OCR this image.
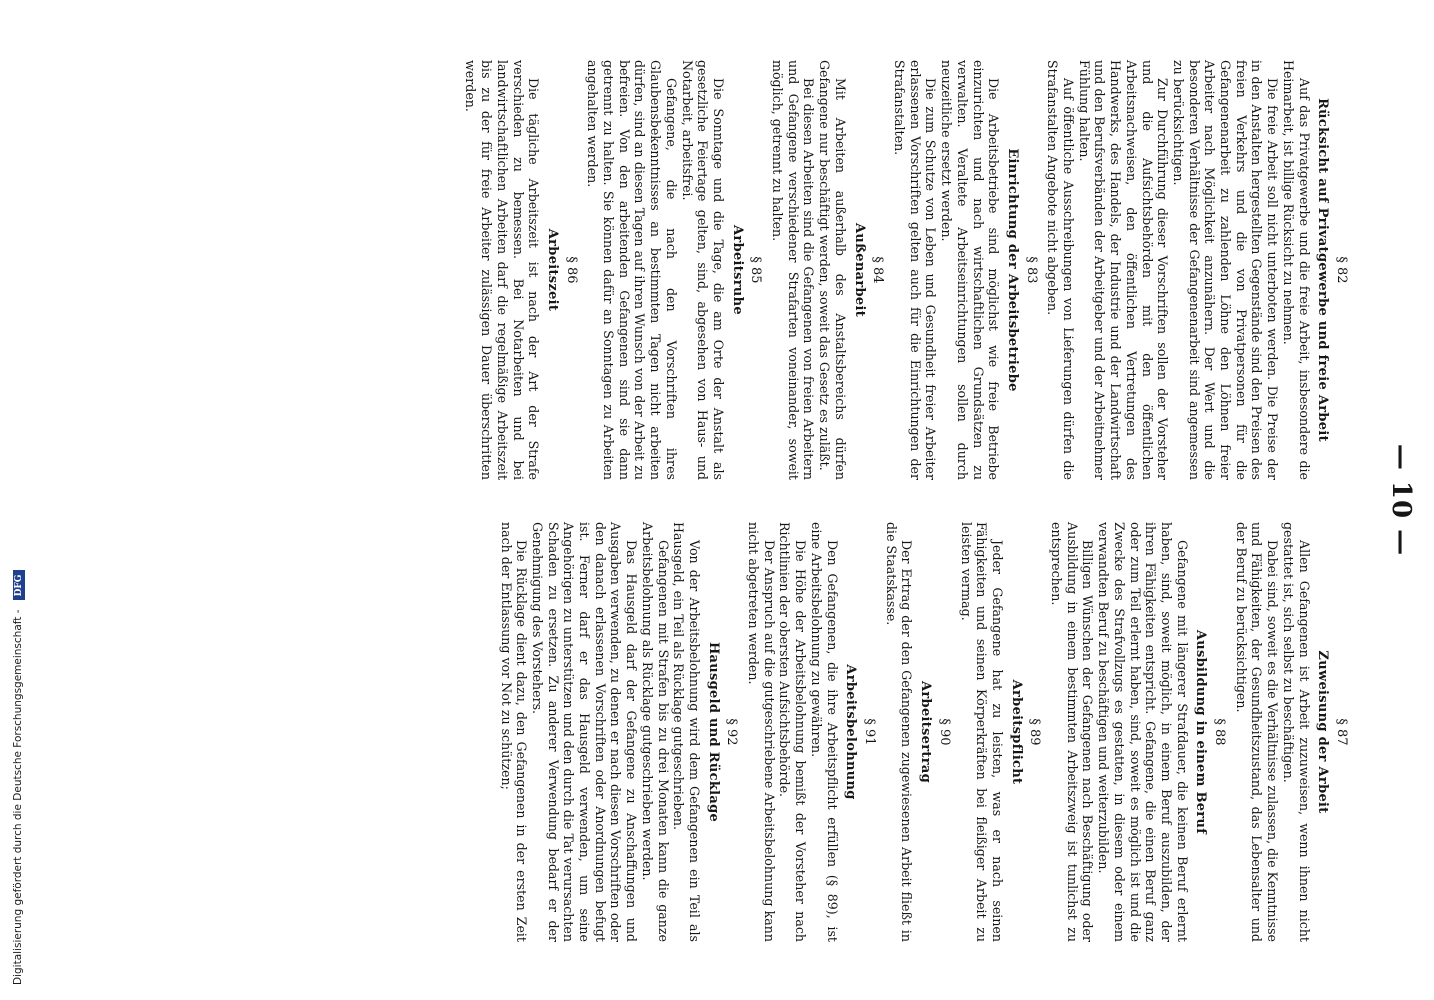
— 10 —
§ 82
Rücksicht auf Privatgewerbe und freie Arbeit

Auf das Privatgewerbe und die freie Arbeit, insbesondere die Heimarbeit, ist billige Rücksicht zu nehmen.

Die freie Arbeit soll nicht unterboten werden. Die Preise der in den Anstalten hergestellten Gegenstände sind den Preisen des freien Verkehrs und die von Privatpersonen für die Gefangenenarbeit zu zahlenden Löhne den Löhnen freier Arbeiter nach Möglichkeit anzunähern. Der Wert und die besonderen Verhältnisse der Gefangenenarbeit sind angemessen zu berücksichtigen.

Zur Durchführung dieser Vorschriften sollen der Vorsteher und die Aufsichtsbehörden mit den öffentlichen Arbeitsnachweisen, den öffentlichen Vertretungen des Handwerks, des Handels, der Industrie und der Landwirtschaft und den Berufsverbänden der Arbeitgeber und der Arbeitnehmer Fühlung halten.

Auf öffentliche Ausschreibungen von Lieferungen dürfen die Strafanstalten Angebote nicht abgeben.

§ 83
Einrichtung der Arbeitsbetriebe

Die Arbeitsbetriebe sind möglichst wie freie Betriebe einzurichten und nach wirtschaftlichen Grundsätzen zu verwalten. Veraltete Arbeitseinrichtungen sollen durch neuzeitliche ersetzt werden.

Die zum Schutze von Leben und Gesundheit freier Arbeiter erlassenen Vorschriften gelten auch für die Einrichtungen der Strafanstalten.

§ 84
Außenarbeit

Mit Arbeiten außerhalb des Anstaltsbereichs dürfen Gefangene nur beschäftigt werden, soweit das Gesetz es zuläßt.

Bei diesen Arbeiten sind die Gefangenen von freien Arbeitern und Gefangene verschiedener Strafarten voneinander, soweit möglich, getrennt zu halten.

§ 85
Arbeitsruhe

Die Sonntage und die Tage, die am Orte der Anstalt als gesetzliche Feiertage gelten, sind, abgesehen von Haus- und Notarbeit, arbeitsfrei.

Gefangene, die nach den Vorschriften ihres Glaubensbekenntnisses an bestimmten Tagen nicht arbeiten dürfen, sind an diesen Tagen auf ihren Wunsch von der Arbeit zu befreien. Von den arbeitenden Gefangenen sind sie dann getrennt zu halten. Sie können dafür an Sonntagen zu Arbeiten angehalten werden.

§ 86
Arbeitszeit

Die tägliche Arbeitszeit ist nach der Art der Strafe verschieden zu bemessen. Bei Notarbeiten und bei landwirtschaftlichen Arbeiten darf die regelmäßige Arbeitszeit bis zu der für freie Arbeiter zulässigen Dauer überschritten werden.

§ 87
Zuweisung der Arbeit

Allen Gefangenen ist Arbeit zuzuweisen, wenn ihnen nicht gestattet ist, sich selbst zu beschäftigen.

Dabei sind, soweit es die Verhältnisse zulassen, die Kenntnisse und Fähigkeiten, der Gesundheitszustand, das Lebensalter und der Beruf zu berücksichtigen.

§ 88
Ausbildung in einem Beruf

Gefangene mit längerer Strafdauer, die keinen Beruf erlernt haben, sind, soweit möglich, in einem Beruf auszubilden, der ihren Fähigkeiten entspricht. Gefangene, die einen Beruf ganz oder zum Teil erlernt haben, sind, soweit es möglich ist und die Zwecke des Strafvollzugs es gestatten, in diesem oder einem verwandten Beruf zu beschäftigen und weiterzubilden.

Billigen Wünschen der Gefangenen nach Beschäftigung oder Ausbildung in einem bestimmten Arbeitszweig ist tunlichst zu entsprechen.

§ 89
Arbeitspflicht

Jeder Gefangene hat zu leisten, was er nach seinen Fähigkeiten und seinen Körperkräften bei fleißiger Arbeit zu leisten vermag.

§ 90
Arbeitsertrag

Der Ertrag der den Gefangenen zugewiesenen Arbeit fließt in die Staatskasse.

§ 91
Arbeitsbelohnung

Den Gefangenen, die ihre Arbeitspflicht erfüllen (§ 89), ist eine Arbeitsbelohnung zu gewähren.

Die Höhe der Arbeitsbelohnung bemißt der Vorsteher nach Richtlinien der obersten Aufsichtsbehörde.

Der Anspruch auf die gutgeschriebene Arbeitsbelohnung kann nicht abgetreten werden.

§ 92
Hausgeld und Rücklage

Von der Arbeitsbelohnung wird dem Gefangenen ein Teil als Hausgeld, ein Teil als Rücklage gutgeschrieben.

Gefangenen mit Strafen bis zu drei Monaten kann die ganze Arbeitsbelohnung als Rücklage gutgeschrieben werden.

Das Hausgeld darf der Gefangene zu Anschaffungen und Ausgaben verwenden, zu denen er nach diesen Vorschriften oder den danach erlassenen Vorschriften oder Anordnungen befugt ist. Ferner darf er das Hausgeld verwenden, um seine Angehörigen zu unterstützen und den durch die Tat verursachten Schaden zu ersetzen. Zu anderer Verwendung bedarf er der Genehmigung des Vorstehers.

Die Rücklage dient dazu, den Gefangenen in der ersten Zeit nach der Entlassung vor Not zu schützen;

Digitalisierung gefördert durch die Deutsche Forschungsgemeinschaft - DFG
